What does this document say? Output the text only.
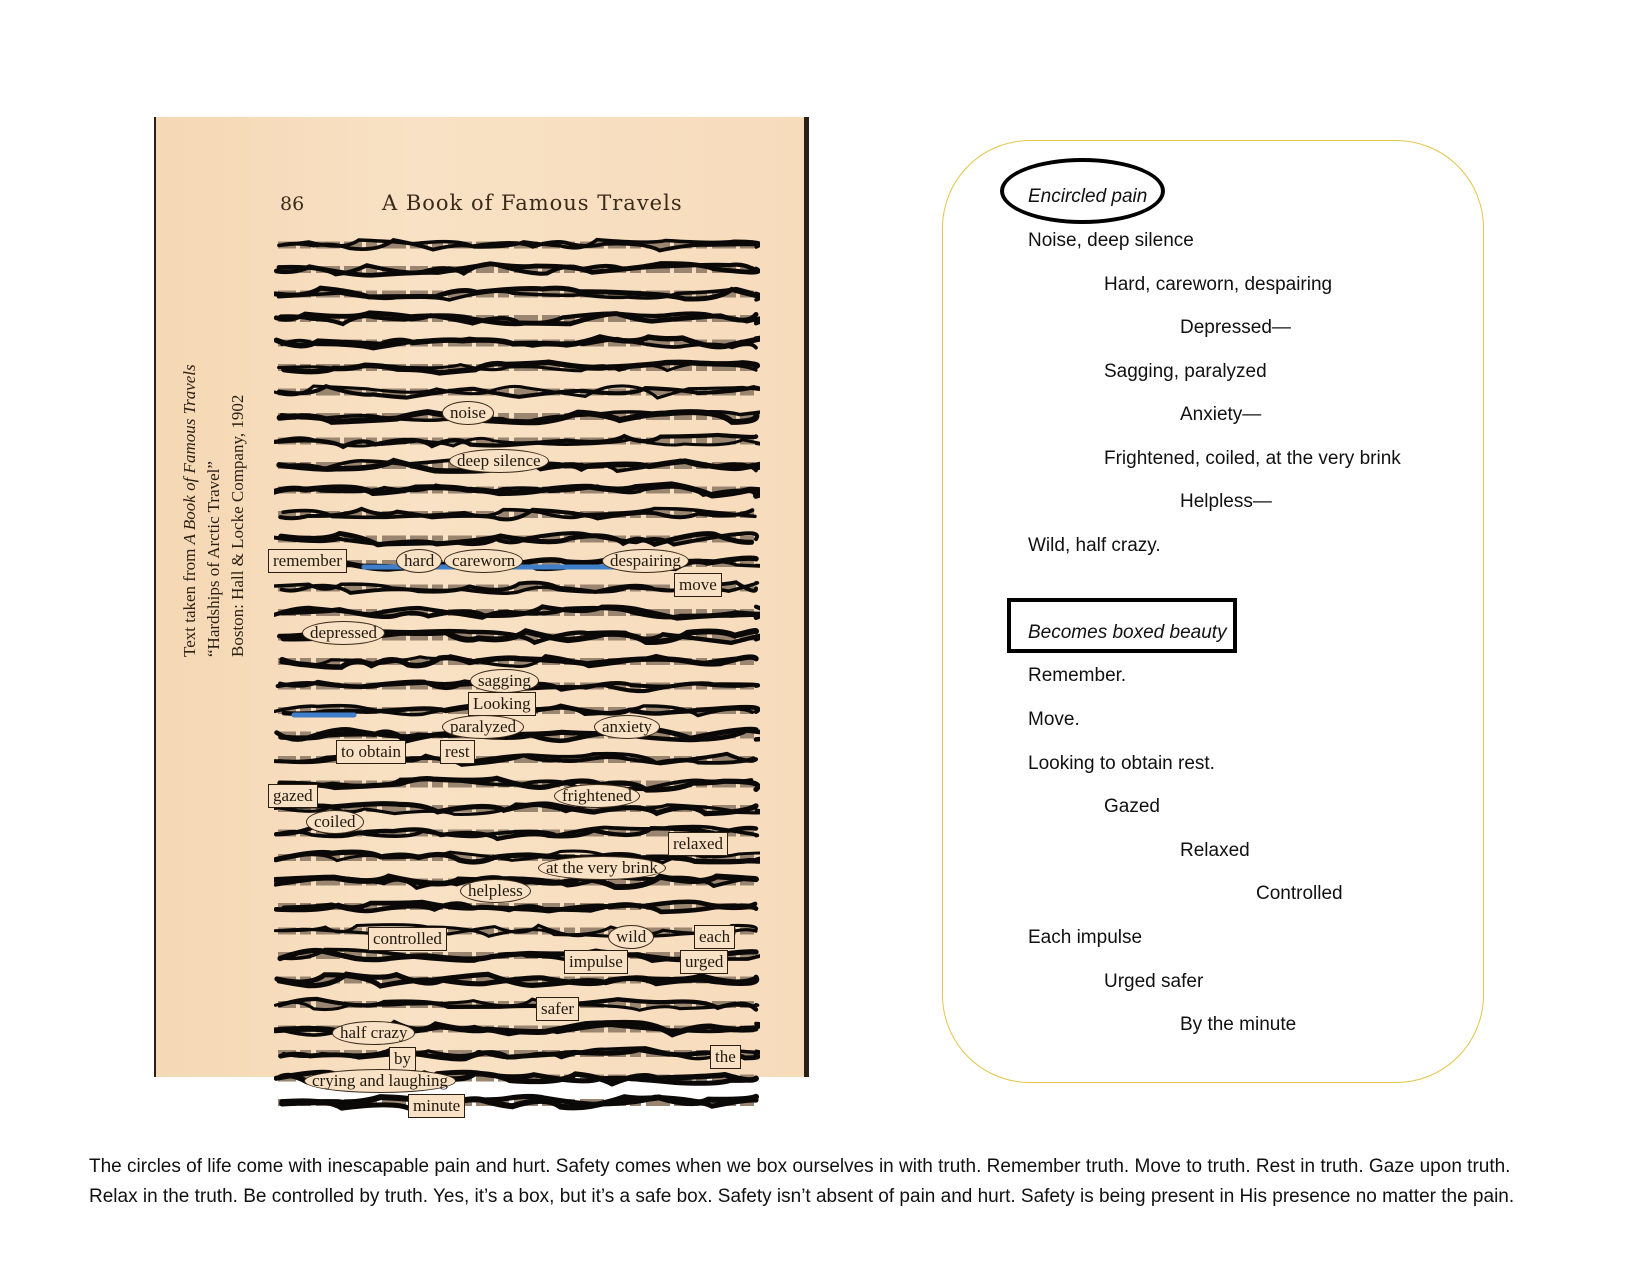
86	A Book of Famous Travels
Text taken from A Book of Famous Travels
“Hardships of Arctic Travel” Boston: Hall & Locke Company, 1902	noise
deep silence
remember	hard	careworn	despairing
move
depressed
sagging
Looking
paralyzed	anxiety
to obtain	rest
gazed	frightened
coiled
relaxed
at the very brink
helpless
controlled	wild	each
impulse	urged
safer
half crazy
by	the
crying and laughing
minute
Encircled pain
Noise, deep silence
Hard, careworn, despairing
Depressed—
Sagging, paralyzed
Anxiety—
Frightened, coiled, at the very brink
Helpless—
Wild, half crazy.
Becomes boxed beauty
Remember.
Move.
Looking to obtain rest.
Gazed
Relaxed
Controlled
Each impulse
Urged safer
By the minute
The circles of life come with inescapable pain and hurt. Safety comes when we box ourselves in with truth. Remember truth. Move to truth. Rest in truth. Gaze upon truth.
Relax in the truth. Be controlled by truth. Yes, it’s a box, but it’s a safe box. Safety isn’t absent of pain and hurt. Safety is being present in His presence no matter the pain.
